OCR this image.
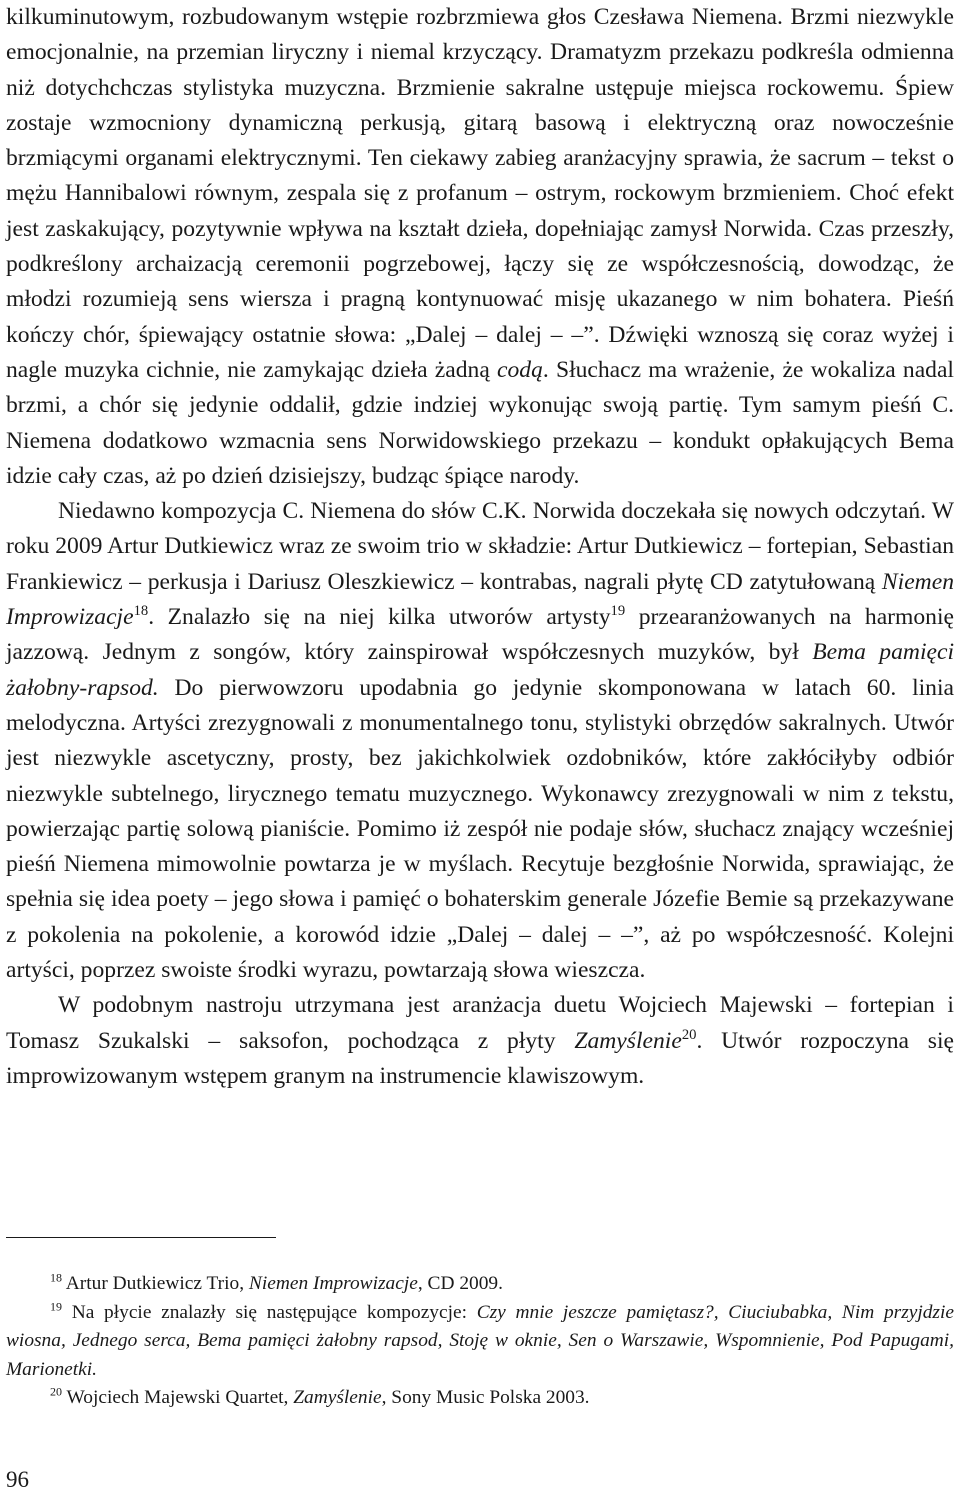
kilkuminutowym, rozbudowanym wstępie rozbrzmiewa głos Czesława Niemena. Brzmi niezwykle emocjonalnie, na przemian liryczny i niemal krzyczący. Dramatyzm przekazu podkreśla odmienna niż dotychchczas stylistyka muzyczna. Brzmienie sakralne ustępuje miejsca rockowemu. Śpiew zostaje wzmocniony dynamiczną perkusją, gitarą basową i elektryczną oraz nowocześnie brzmiącymi organami elektrycznymi. Ten ciekawy zabieg aranżacyjny sprawia, że sacrum – tekst o mężu Hannibalowi równym, zespala się z profanum – ostrym, rockowym brzmieniem. Choć efekt jest zaskakujący, pozytywnie wpływa na kształt dzieła, dopełniając zamysł Norwida. Czas przeszły, podkreślony archaizacją ceremonii pogrzebowej, łączy się ze współczesnością, dowodząc, że młodzi rozumieją sens wiersza i pragną kontynuować misję ukazanego w nim bohatera. Pieśń kończy chór, śpiewający ostatnie słowa: „Dalej – dalej – –”. Dźwięki wznoszą się coraz wyżej i nagle muzyka cichnie, nie zamykając dzieła żadną codą. Słuchacz ma wrażenie, że wokaliza nadal brzmi, a chór się jedynie oddalił, gdzie indziej wykonując swoją partię. Tym samym pieśń C. Niemena dodatkowo wzmacnia sens Norwidowskiego przekazu – kondukt opłakujących Bema idzie cały czas, aż po dzień dzisiejszy, budząc śpiące narody.

Niedawno kompozycja C. Niemena do słów C.K. Norwida doczekała się nowych odczytań. W roku 2009 Artur Dutkiewicz wraz ze swoim trio w składzie: Artur Dutkiewicz – fortepian, Sebastian Frankiewicz – perkusja i Dariusz Oleszkiewicz – kontrabas, nagrali płytę CD zatytułowaną Niemen Improwizacje$^{18}$. Znalazło się na niej kilka utworów artysty$^{19}$ przearanżowanych na harmonię jazzową. Jednym z songów, który zainspirował współczesnych muzyków, był Bema pamięci żałobny-rapsod. Do pierwowzoru upodabnia go jedynie skomponowana w latach 60. linia melodyczna. Artyści zrezygnowali z monumentalnego tonu, stylistyki obrzędów sakralnych. Utwór jest niezwykle ascetyczny, prosty, bez jakichkolwiek ozdobników, które zakłóciłyby odbiór niezwykle subtelnego, lirycznego tematu muzycznego. Wykonawcy zrezygnowali w nim z tekstu, powierzając partię solową pianiście. Pomimo iż zespół nie podaje słów, słuchacz znający wcześniej pieśń Niemena mimowolnie powtarza je w myślach. Recytuje bezgłośnie Norwida, sprawiając, że spełnia się idea poety – jego słowa i pamięć o bohaterskim generale Józefie Bemie są przekazywane z pokolenia na pokolenie, a korowód idzie „Dalej – dalej – –”, aż po współczesność. Kolejni artyści, poprzez swoiste środki wyrazu, powtarzają słowa wieszcza.

W podobnym nastroju utrzymana jest aranżacja duetu Wojciech Majewski – fortepian i Tomasz Szukalski – saksofon, pochodząca z płyty Zamyślenie$^{20}$. Utwór rozpoczyna się improwizowanym wstępem granym na instrumencie klawiszowym.

$^{18}$ Artur Dutkiewicz Trio, Niemen Improwizacje, CD 2009.

$^{19}$ Na płycie znalazły się następujące kompozycje: Czy mnie jeszcze pamiętasz?, Ciuciubabka, Nim przyjdzie wiosna, Jednego serca, Bema pamięci żałobny rapsod, Stoję w oknie, Sen o Warszawie, Wspomnienie, Pod Papugami, Marionetki.

$^{20}$ Wojciech Majewski Quartet, Zamyślenie, Sony Music Polska 2003.

96
